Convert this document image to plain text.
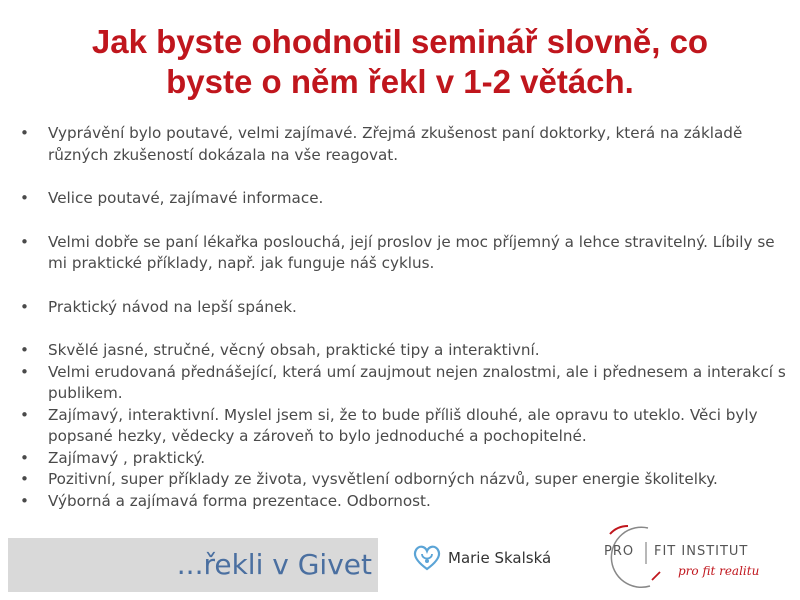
Jak byste ohodnotil seminář slovně, co
byste o něm řekl v 1-2 větách.
• Vyprávění bylo poutavé, velmi zajímavé. Zřejmá zkušenost paní doktorky, která na základě různých zkušeností dokázala na vše reagovat.
• Velice poutavé, zajímavé informace.
• Velmi dobře se paní lékařka poslouchá, její proslov je moc příjemný a lehce stravitelný. Líbily se mi praktické příklady, např. jak funguje náš cyklus.
• Praktický návod na lepší spánek.
• Skvělé jasné, stručné, věcný obsah, praktické tipy a interaktivní.
• Velmi erudovaná přednášející, která umí zaujmout nejen znalostmi, ale i přednesem a interakcí s publikem.
• Zajímavý, interaktivní. Myslel jsem si, že to bude příliš dlouhé, ale opravu to uteklo. Věci byly popsané hezky, vědecky a zároveň to bylo jednoduché a pochopitelné.
• Zajímavý , praktický.
• Pozitivní, super příklady ze života, vysvětlení odborných názvů, super energie školitelky.
• Výborná a zajímavá forma prezentace. Odbornost.
...řekli v Givet	Marie Skalská	PRO FIT INSTITUT
pro fit realitu
